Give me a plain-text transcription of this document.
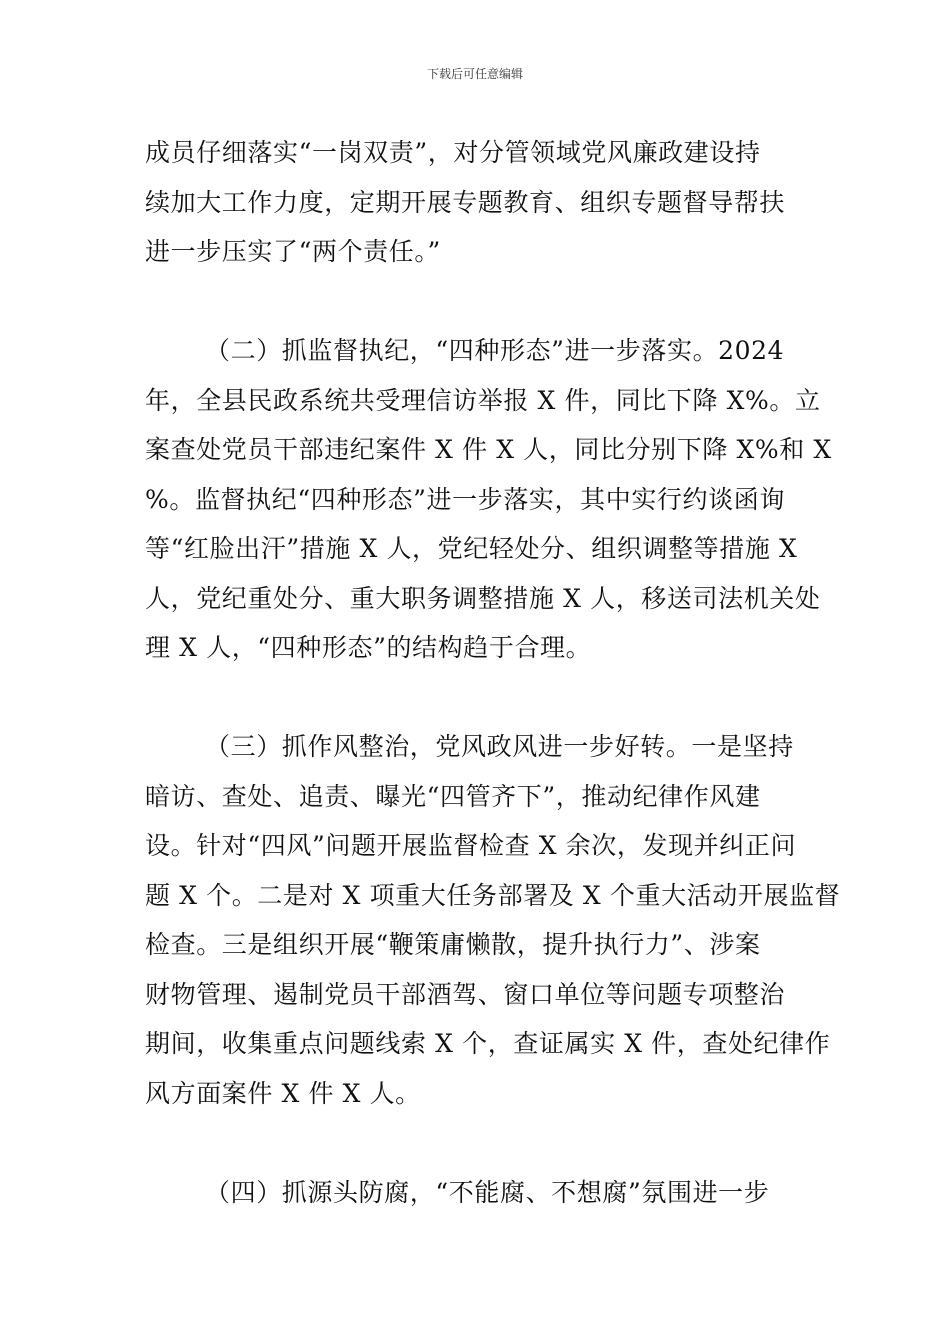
下载后可任意编辑
成员仔细落实“一岗双责”，对分管领域党风廉政建设持
续加大工作力度，定期开展专题教育、组织专题督导帮扶
进一步压实了“两个责任。”
（二）抓监督执纪，“四种形态”进一步落实。2024
年，全县民政系统共受理信访举报 X 件，同比下降 X%。立
案查处党员干部违纪案件 X 件 X 人，同比分别下降 X%和 X
%。监督执纪“四种形态”进一步落实，其中实行约谈函询
等“红脸出汗”措施 X 人，党纪轻处分、组织调整等措施 X
人，党纪重处分、重大职务调整措施 X 人，移送司法机关处
理 X 人，“四种形态”的结构趋于合理。
（三）抓作风整治，党风政风进一步好转。一是坚持
暗访、查处、追责、曝光“四管齐下”，推动纪律作风建
设。针对“四风”问题开展监督检查 X 余次，发现并纠正问
题 X 个。二是对 X 项重大任务部署及 X 个重大活动开展监督
检查。三是组织开展“鞭策庸懒散，提升执行力”、涉案
财物管理、遏制党员干部酒驾、窗口单位等问题专项整治
期间，收集重点问题线索 X 个，查证属实 X 件，查处纪律作
风方面案件 X 件 X 人。
（四）抓源头防腐，“不能腐、不想腐”氛围进一步
